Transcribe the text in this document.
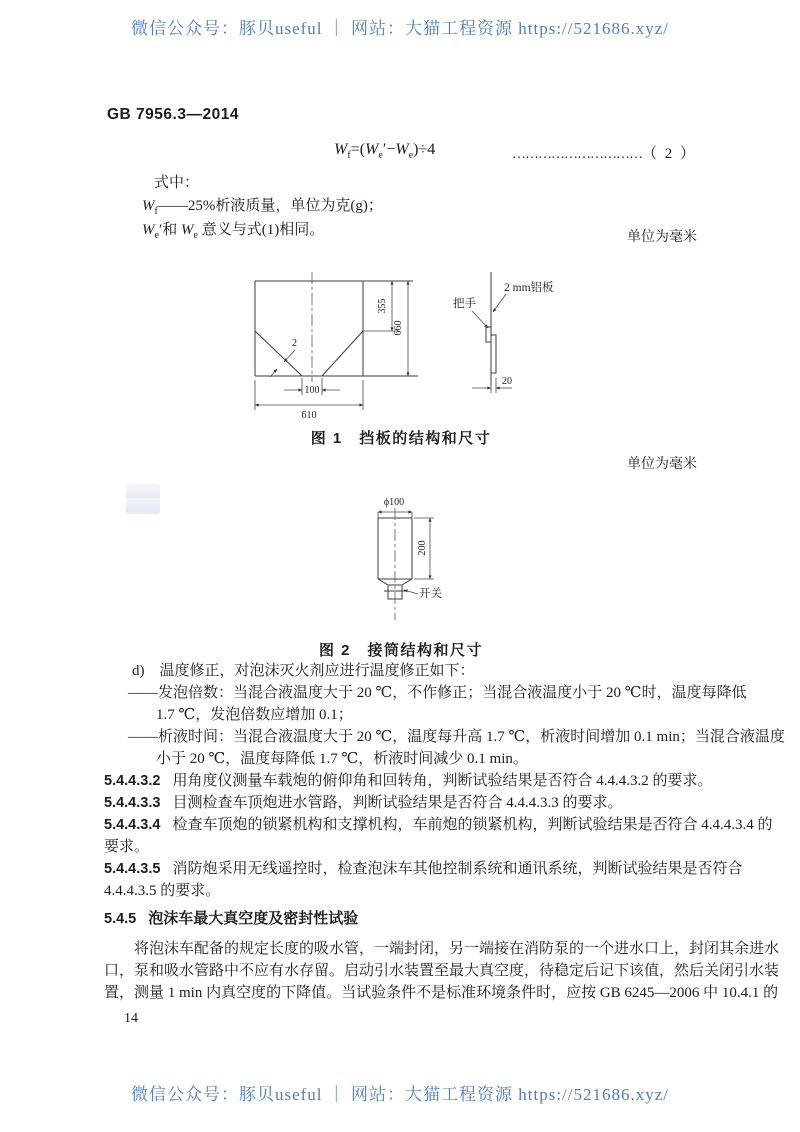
微信公众号：豚贝useful ｜ 网站：大猫工程资源 https://521686.xyz/
GB 7956.3—2014
$W_f=(W_e'-W_e)\div 4$	…………………………（ 2 ）
式中：
$W_f——25\%$析液质量，单位为克(g)；
$W_e'$和 $W_e$ 意义与式(1)相同。	单位为毫米
355
660
2
100
610
2 mm铝板
把手
20
图 1　挡板的结构和尺寸
单位为毫米
ϕ100
200
开关
图 2　接筒结构和尺寸
d)　温度修正，对泡沫灭火剂应进行温度修正如下：
——发泡倍数：当混合液温度大于 20 ℃，不作修正；当混合液温度小于 20 ℃时，温度每降低
1.7 ℃，发泡倍数应增加 0.1；
——析液时间：当混合液温度大于 20 ℃，温度每升高 1.7 ℃，析液时间增加 0.1 min；当混合液温度
小于 20 ℃，温度每降低 1.7 ℃，析液时间减少 0.1 min。
5.4.4.3.2 用角度仪测量车载炮的俯仰角和回转角，判断试验结果是否符合 4.4.4.3.2 的要求。
5.4.4.3.3 目测检查车顶炮进水管路，判断试验结果是否符合 4.4.4.3.3 的要求。
5.4.4.3.4 检查车顶炮的锁紧机构和支撑机构，车前炮的锁紧机构，判断试验结果是否符合 4.4.4.3.4 的
要求。
5.4.4.3.5 消防炮采用无线遥控时，检查泡沫车其他控制系统和通讯系统，判断试验结果是否符合
4.4.4.3.5 的要求。
5.4.5 泡沫车最大真空度及密封性试验
将泡沫车配备的规定长度的吸水管，一端封闭，另一端接在消防泵的一个进水口上，封闭其余进水
口，泵和吸水管路中不应有水存留。启动引水装置至最大真空度，待稳定后记下该值，然后关闭引水装
置，测量 1 min 内真空度的下降值。当试验条件不是标准环境条件时，应按 GB 6245—2006 中 10.4.1 的
14
微信公众号：豚贝useful ｜ 网站：大猫工程资源 https://521686.xyz/
